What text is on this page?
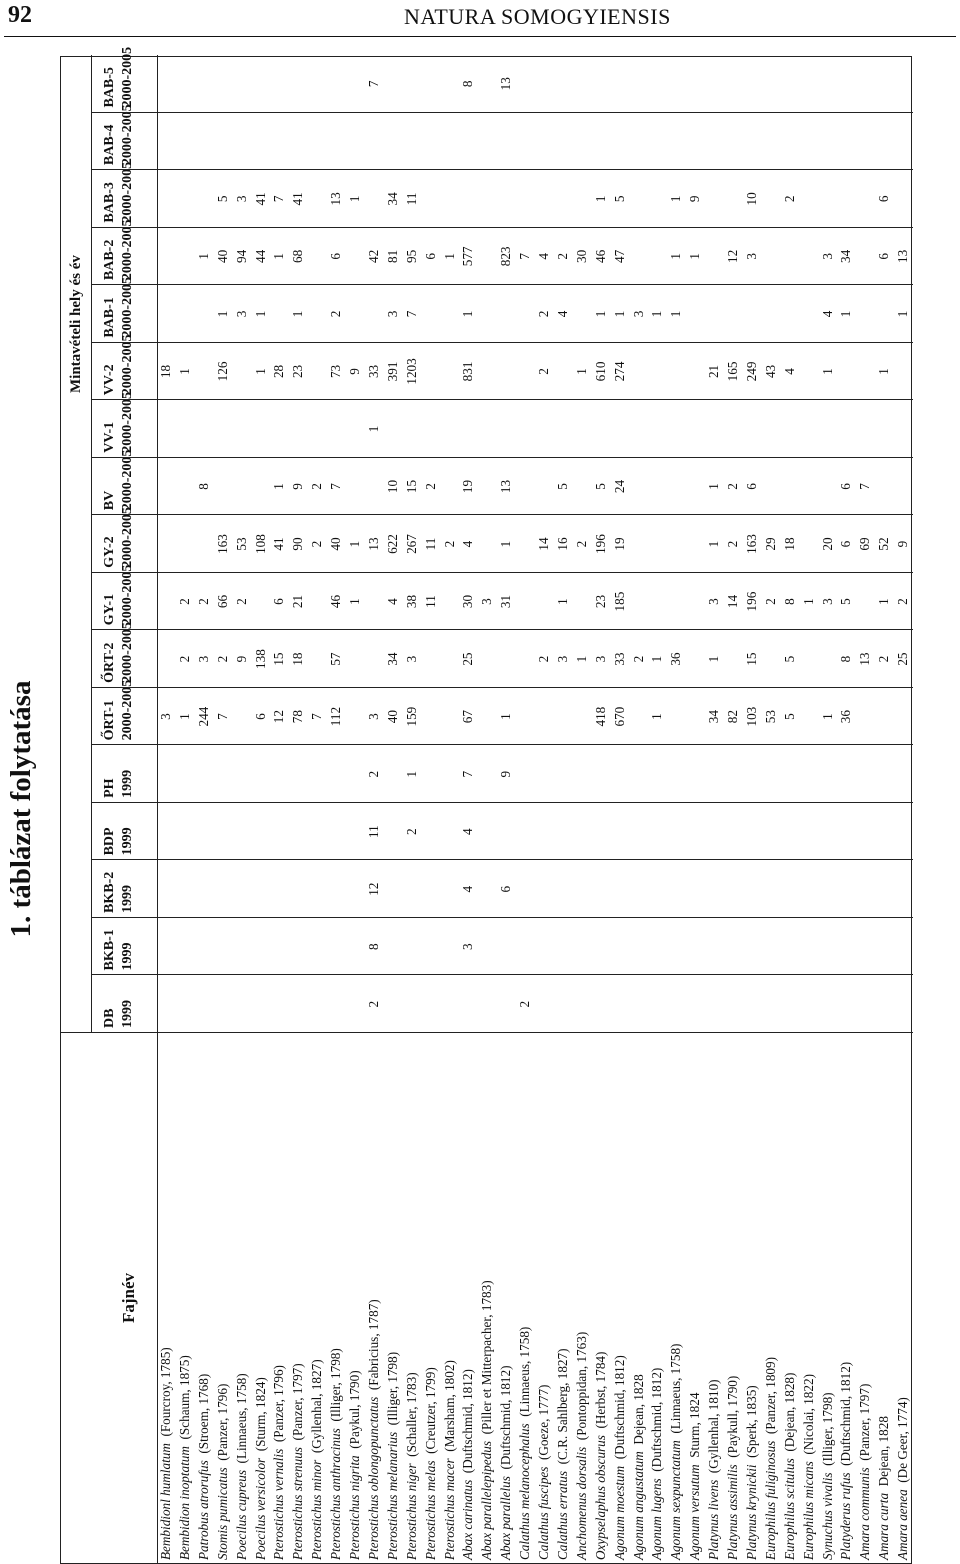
92	NATURA SOMOGYIENSIS
1. táblázat folytatása
Fajnév
Mintavételi hely és év
DB 1999
BKB-1 1999
BKB-2 1999
BDP 1999
PH 1999
ŐRT-1 2000-2005
ŐRT-2 2000-2005
GY-1 2000-2005
GY-2 2000-2005
BV 2000-2005
VV-1 2000-2005
VV-2 2000-2005
BAB-1 2000-2005
BAB-2 2000-2005
BAB-3 2000-2005
BAB-4 2000-2005
BAB-5 2000-2005
Bembidionl humlatum  (Fourcroy, 1785)
3
18
Bembidion inoptatum  (Schaum, 1875)
1
2
2
1
Patrobus atrorufus  (Stroem, 1768)
244
3
2
8
1
Stomis pumicatus  (Panzer, 1796)
7
2
66
163
126
1
40
5
Poecilus cupreus  (Linnaeus, 1758)
9
2
53
3
94
3
Poecilus versicolor  (Sturm, 1824)
6
138
108
1
1
44
41
Pterostichus vernalis  (Panzer, 1796)
12
15
6
41
1
28
1
7
Pterostichus strenuus  (Panzer, 1797)
78
18
21
90
9
23
1
68
41
Pterostichus minor  (Gyllenhal, 1827)
7
2
2
Pterostichus anthracinus  (Illiger, 1798)
112
57
46
40
7
73
2
6
13
Pterostichus nigrita  (Paykul, 1790)
1
1
9
1
Pterostichus oblongopunctatus  (Fabricius, 1787)
2
8
12
11
2
3
13
1
33
42
7
Pterostichus melanarius  (Illiger, 1798)
40
34
4
622
10
391
3
81
34
Pterostichus niger  (Schaller, 1783)
2
1
159
3
38
267
15
1203
7
95
11
Pterostichus melas  (Creutzer, 1799)
11
11
2
6
Pterostichus macer  (Marsham, 1802)
2
1
Abax carinatus  (Duftschmid, 1812)
3
4
4
7
67
25
30
4
19
831
1
577
8
Abax parallelepipedus  (Piller et Mitterpacher, 1783)
3
Abax parallelus  (Duftschmid, 1812)
6
9
1
31
1
13
823
13
Calathus melanocephalus  (Linnaeus, 1758)
2
7
Calathus fuscipes  (Goeze, 1777)
2
14
2
2
4
Calathus erratus  (C.R. Sahlberg, 1827)
3
1
16
5
4
2
Anchomenus dorsalis  (Pontoppidan, 1763)
1
2
1
30
Oxypselaphus obscurus  (Herbst, 1784)
418
3
23
196
5
610
1
46
1
Agonum moestum  (Duftschmid, 1812)
670
33
185
19
24
274
1
47
5
Agonum angustatum  Dejean, 1828
2
3
Agonum lugens  (Duftschmid, 1812)
1
1
1
Agonum sexpunctatum  (Linnaeus, 1758)
36
1
1
1
Agonum versutum  Sturm, 1824
1
9
Platynus livens  (Gyllenhal, 1810)
34
1
3
1
1
21
Platynus assimilis  (Paykull, 1790)
82
14
2
2
165
12
Platynus krynickii  (Sperk, 1835)
103
15
196
163
6
249
3
10
Europhilus fuliginosus  (Panzer, 1809)
53
2
29
43
Europhilus scitulus  (Dejean, 1828)
5
5
8
18
4
2
Europhilus micans  (Nicolai, 1822)
1
Synuchus vivalis  (Illiger, 1798)
1
3
20
1
4
3
Platyderus rufus  (Duftschmid, 1812)
36
8
5
6
6
1
34
Amara communis  (Panzer, 1797)
13
69
7
Amara curta  Dejean, 1828
2
1
52
1
6
6
Amara aenea  (De Geer, 1774)
25
2
9
1
13
